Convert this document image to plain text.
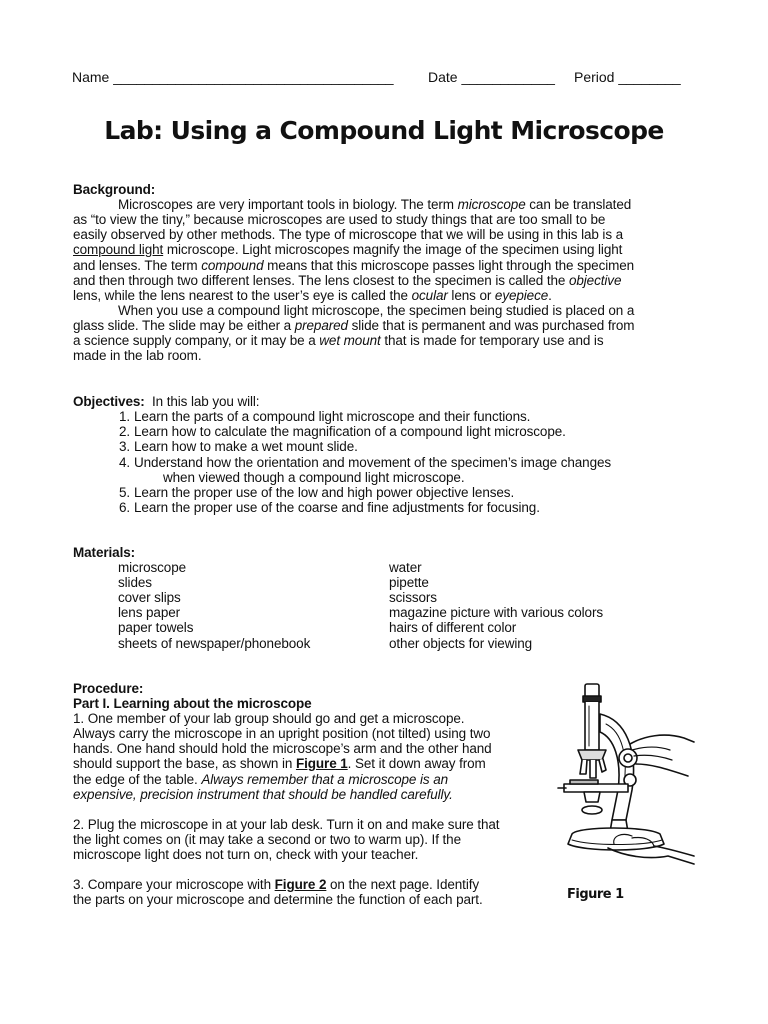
Name ____________________________________ Date ____________ Period ________
Lab: Using a Compound Light Microscope
Background:
Microscopes are very important tools in biology. The term microscope can be translated
as “to view the tiny,” because microscopes are used to study things that are too small to be
easily observed by other methods. The type of microscope that we will be using in this lab is a
compound light microscope. Light microscopes magnify the image of the specimen using light
and lenses. The term compound means that this microscope passes light through the specimen
and then through two different lenses. The lens closest to the specimen is called the objective
lens, while the lens nearest to the user’s eye is called the ocular lens or eyepiece.
When you use a compound light microscope, the specimen being studied is placed on a
glass slide. The slide may be either a prepared slide that is permanent and was purchased from
a science supply company, or it may be a wet mount that is made for temporary use and is
made in the lab room.
Objectives: In this lab you will:
1. Learn the parts of a compound light microscope and their functions.
2. Learn how to calculate the magnification of a compound light microscope.
3. Learn how to make a wet mount slide.
4. Understand how the orientation and movement of the specimen’s image changes
when viewed though a compound light microscope.
5. Learn the proper use of the low and high power objective lenses.
6. Learn the proper use of the coarse and fine adjustments for focusing.
Materials:
microscope
slides
cover slips
lens paper
paper towels
sheets of newspaper/phonebook
water
pipette
scissors
magazine picture with various colors
hairs of different color
other objects for viewing
Procedure:
Part I. Learning about the microscope
1. One member of your lab group should go and get a microscope.
Always carry the microscope in an upright position (not tilted) using two
hands. One hand should hold the microscope’s arm and the other hand
should support the base, as shown in Figure 1. Set it down away from
the edge of the table. Always remember that a microscope is an
expensive, precision instrument that should be handled carefully.
2. Plug the microscope in at your lab desk. Turn it on and make sure that
the light comes on (it may take a second or two to warm up). If the
microscope light does not turn on, check with your teacher.
3. Compare your microscope with Figure 2 on the next page. Identify
the parts on your microscope and determine the function of each part.	Figure 1
